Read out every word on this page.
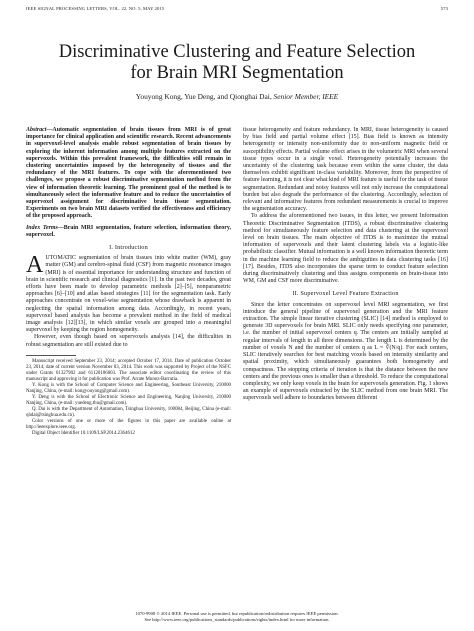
IEEE SIGNAL PROCESSING LETTERS, VOL. 22, NO. 5, MAY 2015	573
Discriminative Clustering and Feature Selection
for Brain MRI Segmentation
Youyong Kong, Yue Deng, and Qionghai Dai, Senior Member, IEEE
Abstract—Automatic segmentation of brain tissues from MRI is of great importance for clinical application and scientific research. Recent advancements in supervoxel-level analysis enable robust segmentation of brain tissues by exploring the inherent information among multiple features extracted on the supervoxels. Within this prevalent framework, the difficulties still remain in clustering uncertainties imposed by the heterogeneity of tissues and the redundancy of the MRI features. To cope with the aforementioned two challenges, we propose a robust discriminative segmentation method from the view of information theoretic learning. The prominent goal of the method is to simultaneously select the informative feature and to reduce the uncertainties of supervoxel assignment for discriminative brain tissue segmentation. Experiments on two brain MRI datasets verified the effectiveness and efficiency of the proposed approach.
Index Terms—Brain MRI segmentation, feature selection, information theory, supervoxel.
I. Introduction

AUTOMATIC segmentation of brain tissues into white matter (WM), gray matter (GM) and cerebro-spinal fluid (CSF) from magnetic resonance images (MRI) is of essential importance for understanding structure and function of brain in scientific research and clinical diagnostics [1]. In the past two decades, great efforts have been made to develop parametric methods [2]–[5], nonparametric approaches [6]–[10] and atlas based strategies [11] for the segmentation task. Early approaches concentrate on voxel-wise segmentation whose drawback is apparent in neglecting the spatial information among data. Accordingly, in recent years, supervoxel based analysis has become a prevalent method in the field of medical image analysis [12][13], in which similar voxels are grouped into a meaningful supervoxel by keeping the region homogeneity.

However, even though based on supervoxels analysis [14], the difficulties in robust segmentation are still existed due to

Manuscript received September 23, 2014; accepted October 17, 2014. Date of publication October 23, 2014; date of current version November 03, 2014. This work was supported by Project of the NSFC under Grants 61327902 and 61120106003. The associate editor coordinating the review of this manuscript and approving it for publication was Prof. Arrate Munoz-Barrutia.

Y. Kong is with the School of Computer Science and Engineering, Southeast University, 210000 Nanjing, China, (e-mail: kongyouyong@gmail.com).

Y. Deng is with the School of Electronic Science and Engineering, Nanjing University, 210000 Nanjing, China, (e-mail: yuedeng.thu@gmail.com).

Q. Dai is with the Department of Automation, Tsinghua University, 100084, Beijing, China (e-mail: qhdai@tsinghua.edu.cn).

Color versions of one or more of the figures in this paper are available online at http://ieeexplore.ieee.org.

Digital Object Identifier 10.1109/LSP.2014.2364612

tissue heterogeneity and feature redundancy. In MRI, tissue heterogeneity is caused by bias field and partial volume effect [15]. Bias field is known as intensity heterogeneity or intensity non-uniformity due to non-uniform magnetic field or susceptibility effects. Partial volume effect arises in the volumetric MRI when several tissue types occur in a single voxel. Heterogeneity potentially increases the uncertainty of the clustering task because even within the same cluster, the data themselves exhibit significant in-class variability. Moreover, from the perspective of feature learning, it is not clear what kind of MRI feature is useful for the task of tissue segmentation. Redundant and noisy features will not only increase the computational burden but also degrade the performance of the clustering. Accordingly, selection of relevant and informative features from redundant measurements is crucial to improve the segmentation accuracy.

To address the aforementioned two issues, in this letter, we present Information Theoretic Discriminative Segmentation (ITDS), a robust discriminative clustering method for simultaneously feature selection and data clustering at the supervoxel level on brain tissues. The main objective of ITDS is to maximize the mutual information of supervoxels and their latent clustering labels via a logistic-like probabilistic classifier. Mutual information is a well known information theoretic term in the machine learning field to reduce the ambiguities in data clustering tasks [16][17]. Besides, ITDS also incorporates the sparse term to conduct feature selection during discriminatively clustering and thus assigns components on brain-tissue into WM, GM and CSF more discriminative.

II. Supervoxel Level Feature Extraction

Since the letter concentrates on supervoxel level MRI segmentation, we first introduce the general pipeline of supervoxel generation and the MRI feature extraction. The simple linear iterative clustering (SLIC) [14] method is employed to generate 3D supervoxels for brain MRI. SLIC only needs specifying one parameter, i.e. the number of initial supervoxel centers q. The centers are initially sampled at regular intervals of length in all three dimensions. The length L is determined by the number of voxels N and the number of centers q as L = ∛(N/q). For each centers, SLIC iteratively searches for best matching voxels based on intensity similarity and spatial proximity, which simultaneously guarantees both homogeneity and compactness. The stopping criteria of iteration is that the distance between the new centers and the previous ones is smaller than a threshold. To reduce the computational complexity, we only keep voxels in the brain for supervoxels generation. Fig. 1 shows an example of supervoxels extracted by the SLIC method from one brain MRI. The supervoxels well adhere to boundaries between different

1070-9908 © 2014 IEEE. Personal use is permitted, but republication/redistribution requires IEEE permission.
See http://www.ieee.org/publications_standards/publications/rights/index.html for more information.
